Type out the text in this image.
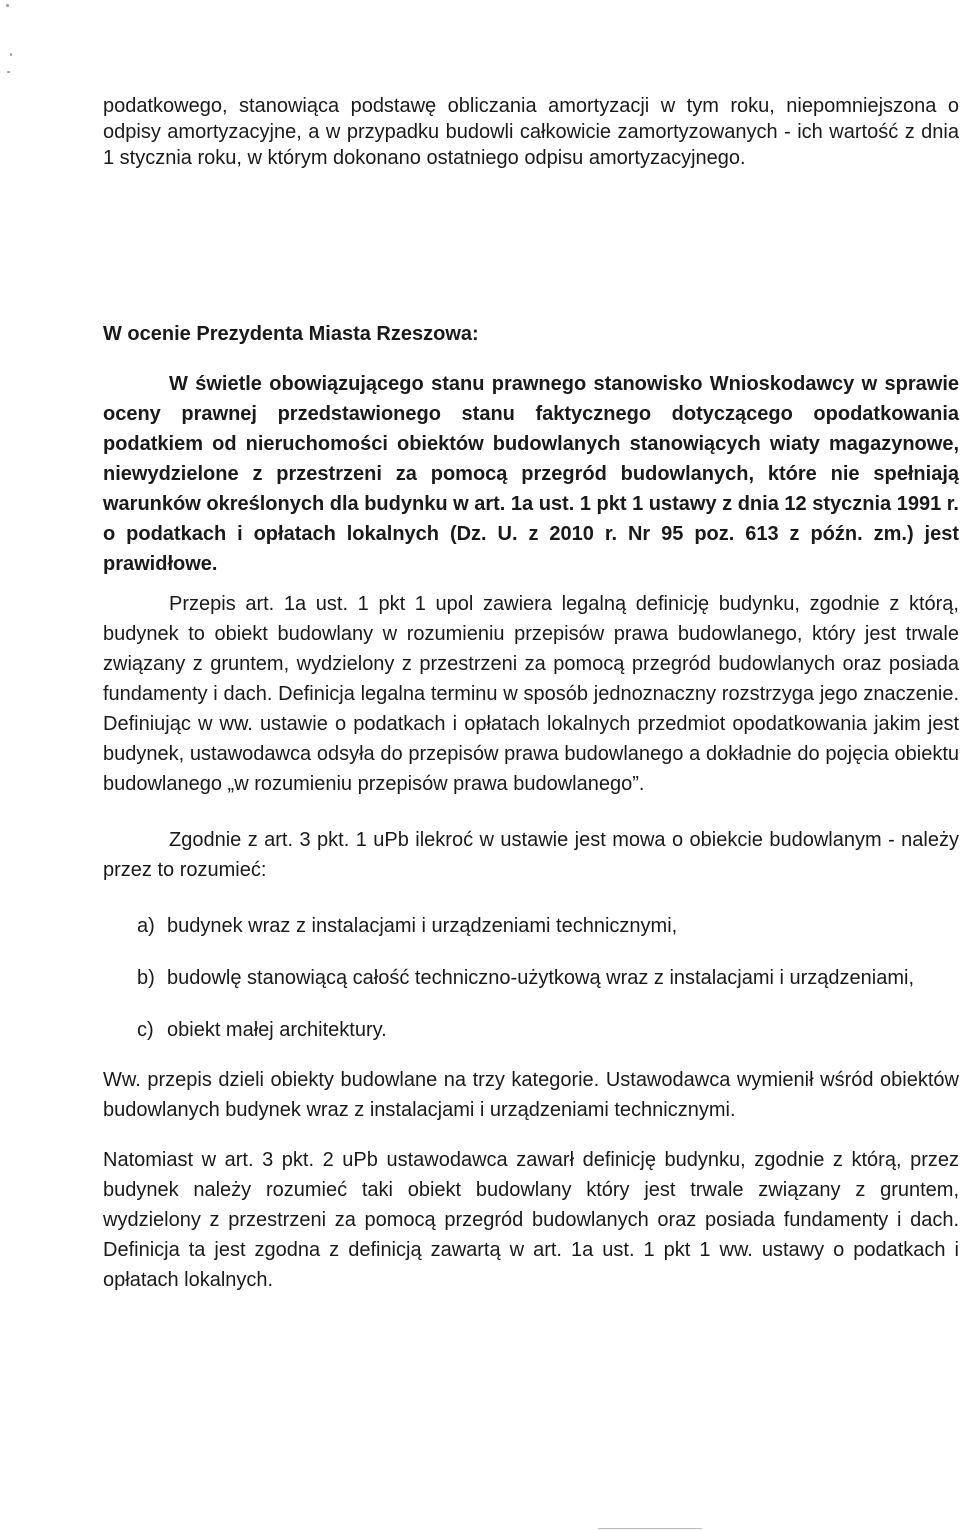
podatkowego, stanowiąca podstawę obliczania amortyzacji w tym roku, niepomniejszona o odpisy amortyzacyjne, a w przypadku budowli całkowicie zamortyzowanych - ich wartość z dnia 1 stycznia roku, w którym dokonano ostatniego odpisu amortyzacyjnego.

W ocenie Prezydenta Miasta Rzeszowa:

W świetle obowiązującego stanu prawnego stanowisko Wnioskodawcy w sprawie oceny prawnej przedstawionego stanu faktycznego dotyczącego opodatkowania podatkiem od nieruchomości obiektów budowlanych stanowiących wiaty magazynowe, niewydzielone z przestrzeni za pomocą przegród budowlanych, które nie spełniają warunków określonych dla budynku w art. 1a ust. 1 pkt 1 ustawy z dnia 12 stycznia 1991 r. o podatkach i opłatach lokalnych (Dz. U. z 2010 r. Nr 95 poz. 613 z późn. zm.) jest prawidłowe.

Przepis art. 1a ust. 1 pkt 1 upol zawiera legalną definicję budynku, zgodnie z którą, budynek to obiekt budowlany w rozumieniu przepisów prawa budowlanego, który jest trwale związany z gruntem, wydzielony z przestrzeni za pomocą przegród budowlanych oraz posiada fundamenty i dach. Definicja legalna terminu w sposób jednoznaczny rozstrzyga jego znaczenie. Definiując w ww. ustawie o podatkach i opłatach lokalnych przedmiot opodatkowania jakim jest budynek, ustawodawca odsyła do przepisów prawa budowlanego a dokładnie do pojęcia obiektu budowlanego „w rozumieniu przepisów prawa budowlanego”.

Zgodnie z art. 3 pkt. 1 uPb ilekroć w ustawie jest mowa o obiekcie budowlanym - należy przez to rozumieć:

a) budynek wraz z instalacjami i urządzeniami technicznymi,
b) budowlę stanowiącą całość techniczno-użytkową wraz z instalacjami i urządzeniami,
c) obiekt małej architektury.

Ww. przepis dzieli obiekty budowlane na trzy kategorie. Ustawodawca wymienił wśród obiektów budowlanych budynek wraz z instalacjami i urządzeniami technicznymi.

Natomiast w art. 3 pkt. 2 uPb ustawodawca zawarł definicję budynku, zgodnie z którą, przez budynek należy rozumieć taki obiekt budowlany który jest trwale związany z gruntem, wydzielony z przestrzeni za pomocą przegród budowlanych oraz posiada fundamenty i dach. Definicja ta jest zgodna z definicją zawartą w art. 1a ust. 1 pkt 1 ww. ustawy o podatkach i opłatach lokalnych.
